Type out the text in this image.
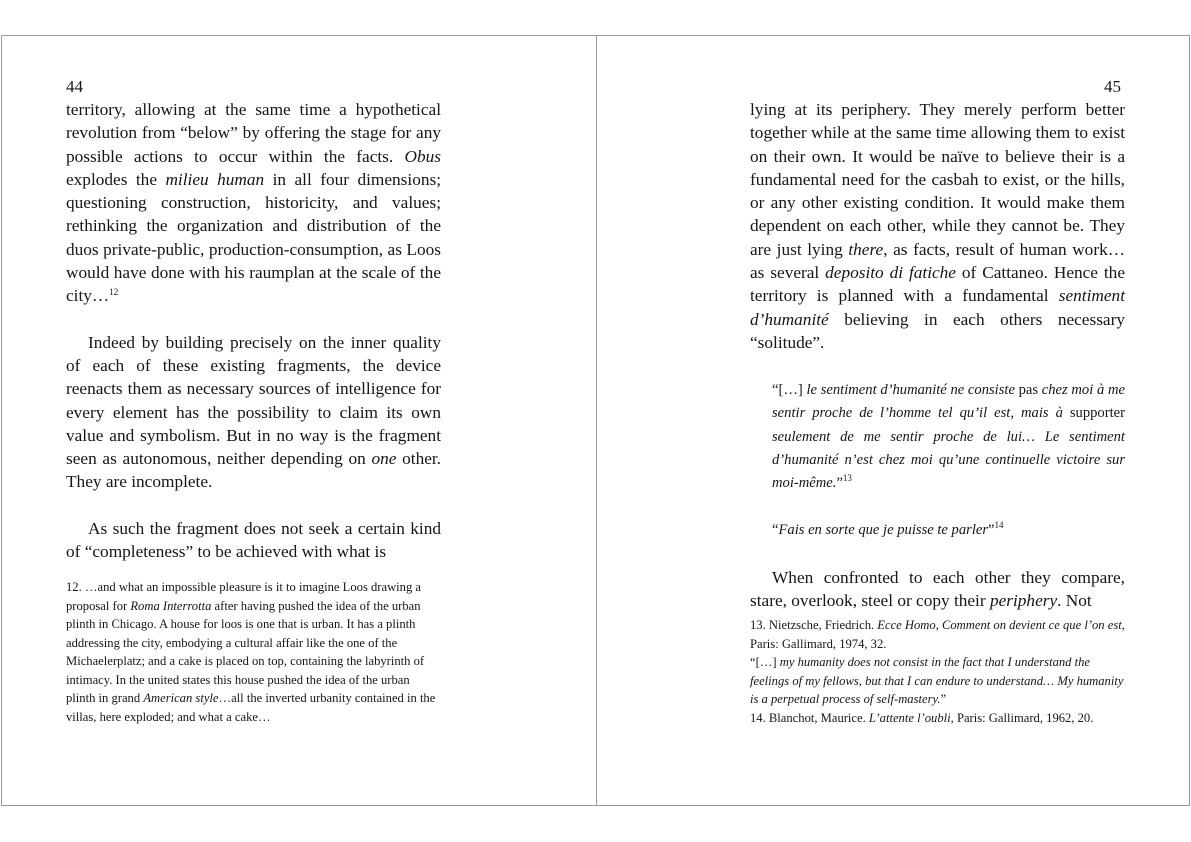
44

territory, allowing at the same time a hypothetical revolution from “below” by offering the stage for any possible actions to occur within the facts. Obus explodes the milieu human in all four dimensions; questioning construction, historicity, and values; rethinking the organization and distribution of the duos private-public, production-consumption, as Loos would have done with his raumplan at the scale of the city…$^{12}$

Indeed by building precisely on the inner quality of each of these existing fragments, the device reenacts them as necessary sources of intelligence for every element has the possibility to claim its own value and symbolism. But in no way is the fragment seen as autonomous, neither depending on one other. They are incomplete.

As such the fragment does not seek a certain kind of “completeness” to be achieved with what is

12. …and what an impossible pleasure is it to imagine Loos drawing a proposal for Roma Interrotta after having pushed the idea of the urban plinth in Chicago. A house for loos is one that is urban. It has a plinth addressing the city, embodying a cultural affair like the one of the Michaelerplatz; and a cake is placed on top, containing the labyrinth of intimacy. In the united states this house pushed the idea of the urban plinth in grand American style…all the inverted urbanity contained in the villas, here exploded; and what a cake…

45

lying at its periphery. They merely perform better together while at the same time allowing them to exist on their own. It would be naïve to believe their is a fundamental need for the casbah to exist, or the hills, or any other existing condition. It would make them dependent on each other, while they cannot be. They are just lying there, as facts, result of human work…as several deposito di fatiche of Cattaneo. Hence the territory is planned with a fundamental sentiment d’humanité believing in each others necessary “solitude”.

“[…] le sentiment d’humanité ne consiste pas chez moi à me sentir proche de l’homme tel qu’il est, mais à supporter seulement de me sentir proche de lui… Le sentiment d’humanité n’est chez moi qu’une continuelle victoire sur moi-même.”$^{13}$

“Fais en sorte que je puisse te parler”$^{14}$

When confronted to each other they compare, stare, overlook, steel or copy their periphery. Not

13. Nietzsche, Friedrich. Ecce Homo, Comment on devient ce que l’on est, Paris: Gallimard, 1974, 32.

“[…] my humanity does not consist in the fact that I understand the feelings of my fellows, but that I can endure to understand… My humanity is a perpetual process of self-mastery.”

14. Blanchot, Maurice. L’attente l’oubli, Paris: Gallimard, 1962, 20.
